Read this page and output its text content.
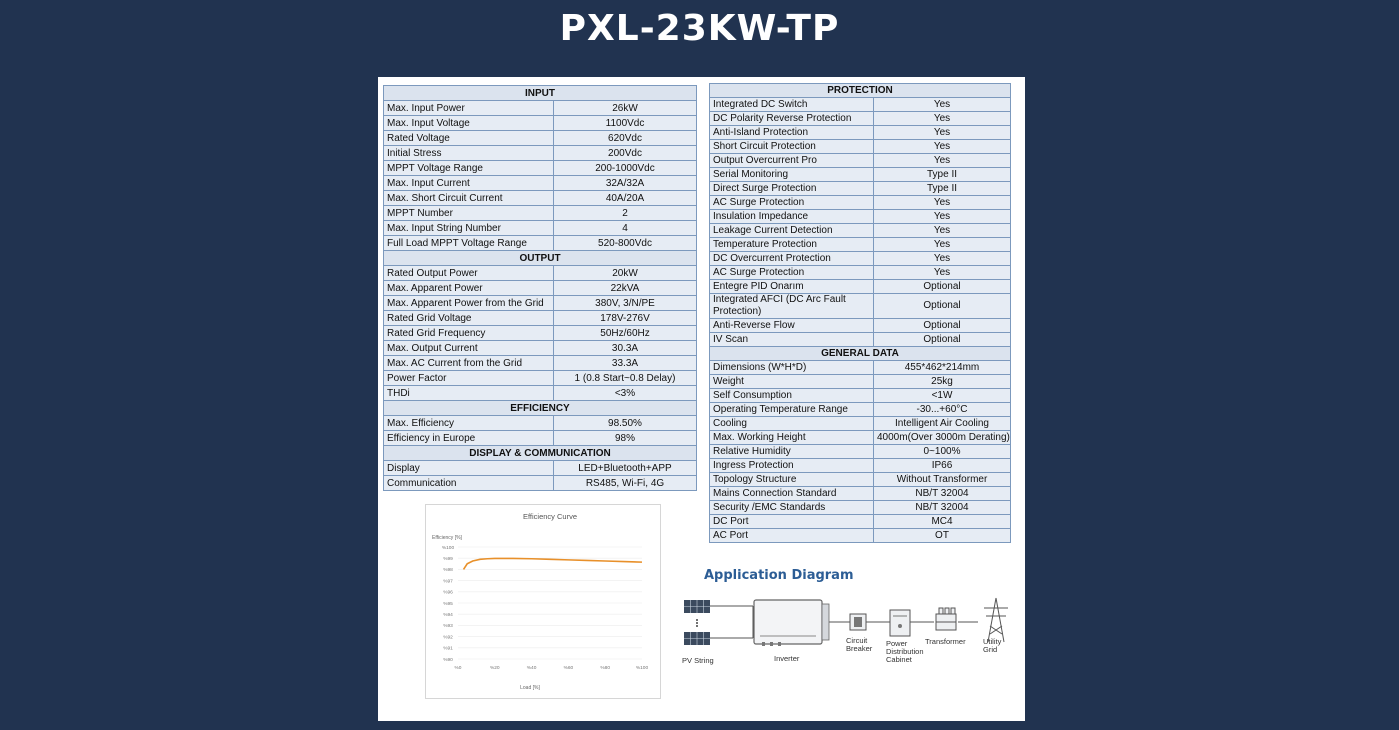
PXL-23KW-TP
INPUT	
Max. Input Power	26kW
Max. Input Voltage	1100Vdc
Rated Voltage	620Vdc
Initial Stress	200Vdc
MPPT Voltage Range	200-1000Vdc
Max. Input Current	32A/32A
Max. Short Circuit Current	40A/20A
MPPT Number	2
Max. Input String Number	4
Full Load MPPT Voltage Range	520-800Vdc
OUTPUT	
Rated Output Power	20kW
Max. Apparent Power	22kVA
Max. Apparent Power from the Grid	380V, 3/N/PE
Rated Grid Voltage	178V-276V
Rated Grid Frequency	50Hz/60Hz
Max. Output Current	30.3A
Max. AC Current from the Grid	33.3A
Power Factor	1 (0.8 Start~0.8 Delay)
THDi	<3%
EFFICIENCY	
Max. Efficiency	98.50%
Efficiency in Europe	98%
DISPLAY & COMMUNICATION	
Display	LED+Bluetooth+APP
Communication	RS485, Wi-Fi, 4G
PROTECTION	
Integrated DC Switch	Yes
DC Polarity Reverse Protection	Yes
Anti-Island Protection	Yes
Short Circuit Protection	Yes
Output Overcurrent Pro	Yes
Serial Monitoring	Type II
Direct Surge Protection	Type II
AC Surge Protection	Yes
Insulation Impedance	Yes
Leakage Current Detection	Yes
Temperature Protection	Yes
DC Overcurrent Protection	Yes
AC Surge Protection	Yes
Entegre PID Onarım	Optional
Integrated AFCI (DC Arc Fault Protection)	Optional
Anti-Reverse Flow	Optional
IV Scan	Optional
GENERAL DATA	
Dimensions (W*H*D)	455*462*214mm
Weight	25kg
Self Consumption	<1W
Operating Temperature Range	-30...+60°C
Cooling	Intelligent Air Cooling
Max. Working Height	4000m(Over 3000m Derating)
Relative Humidity	0~100%
Ingress Protection	IP66
Topology Structure	Without Transformer
Mains Connection Standard	NB/T 32004
Security /EMC Standards	NB/T 32004
DC Port	MC4
AC Port	OT
Efficiency Curve
Efficiency [%]
Load [%]
%90
%91
%92
%93
%94
%95
%96
%97
%98
%99
%100
%0	%20	%40	%60	%80	%100
Application Diagram
PV String	Inverter
Circuit
Breaker
Power
Distribution
Cabinet
Transformer Utility
Grid
